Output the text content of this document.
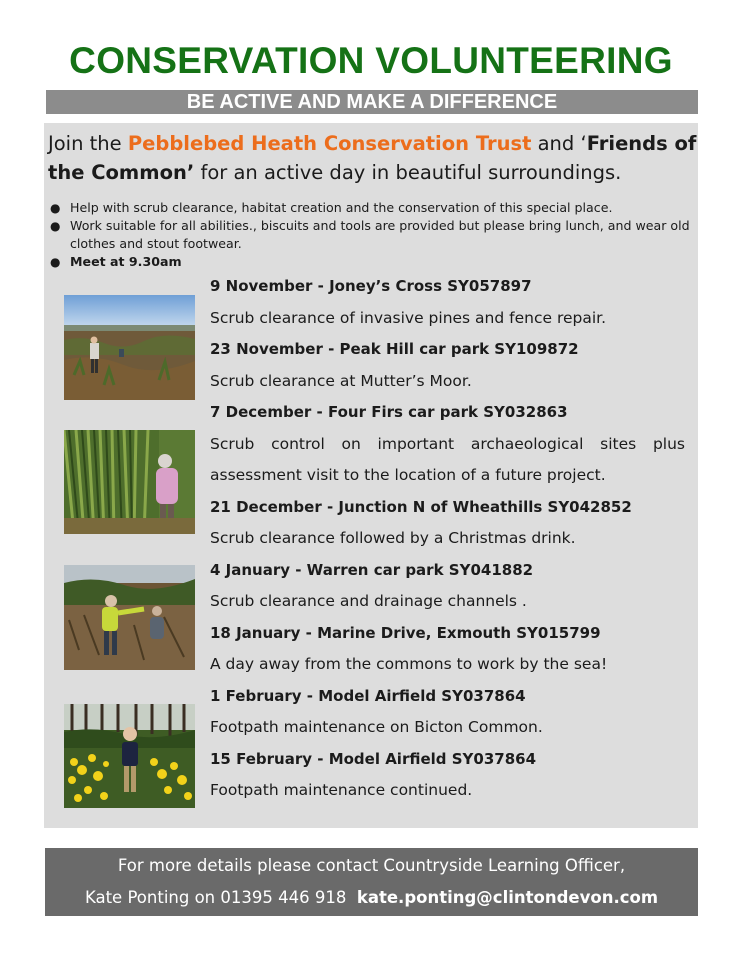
CONSERVATION VOLUNTEERING
BE ACTIVE AND MAKE A DIFFERENCE
Join the Pebblebed Heath Conservation Trust and ‘Friends of the Common’ for an active day in beautiful surroundings.
● Help with scrub clearance, habitat creation and the conservation of this special place.
● Work suitable for all abilities., biscuits and tools are provided but please bring lunch, and wear old clothes and stout footwear.
● Meet at 9.30am
9 November - Joney’s Cross SY057897
Scrub clearance of invasive pines and fence repair.
23 November - Peak Hill car park SY109872
Scrub clearance at Mutter’s Moor.
7 December - Four Firs car park SY032863
Scrub control on important archaeological sites plus assessment visit to the location of a future project.
21 December - Junction N of Wheathills SY042852
Scrub clearance followed by a Christmas drink.
4 January - Warren car park SY041882
Scrub clearance and drainage channels .
18 January - Marine Drive, Exmouth SY015799
A day away from the commons to work by the sea!
1 February - Model Airfield SY037864
Footpath maintenance on Bicton Common.
15 February - Model Airfield SY037864
Footpath maintenance continued.
For more details please contact Countryside Learning Officer,
Kate Ponting on 01395 446 918 kate.ponting@clintondevon.com
